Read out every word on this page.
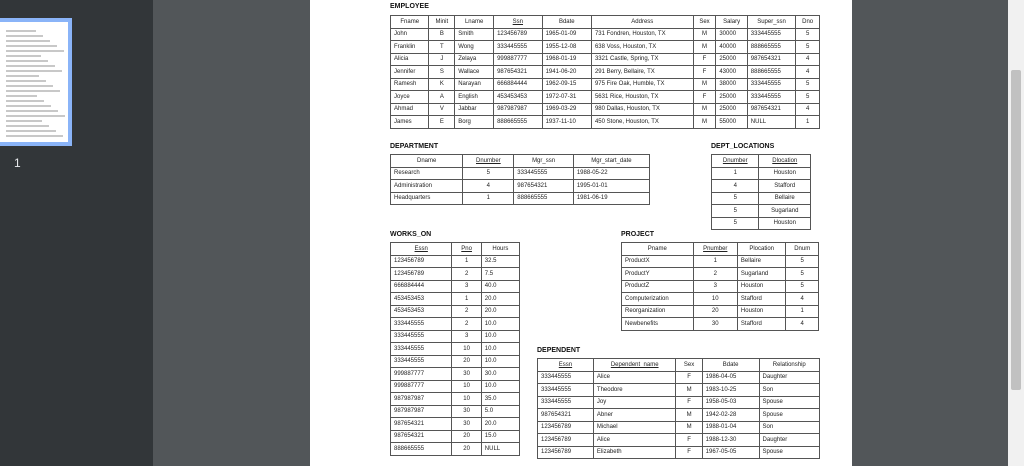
1
EMPLOYEE
Fname	Minit	Lname	Ssn	Bdate	Address	Sex	Salary	Super_ssn	Dno
John	B	Smith	123456789	1965-01-09	731 Fondren, Houston, TX	M	30000	333445555	5
Franklin	T	Wong	333445555	1955-12-08	638 Voss, Houston, TX	M	40000	888665555	5
Alicia	J	Zelaya	999887777	1968-01-19	3321 Castle, Spring, TX	F	25000	987654321	4
Jennifer	S	Wallace	987654321	1941-06-20	291 Berry, Bellaire, TX	F	43000	888665555	4
Ramesh	K	Narayan	666884444	1962-09-15	975 Fire Oak, Humble, TX	M	38000	333445555	5
Joyce	A	English	453453453	1972-07-31	5631 Rice, Houston, TX	F	25000	333445555	5
Ahmad	V	Jabbar	987987987	1969-03-29	980 Dallas, Houston, TX	M	25000	987654321	4
James	E	Borg	888665555	1937-11-10	450 Stone, Houston, TX	M	55000	NULL	1
DEPARTMENT
Dname	Dnumber	Mgr_ssn	Mgr_start_date
Research	5	333445555	1988-05-22
Administration	4	987654321	1995-01-01
Headquarters	1	888665555	1981-06-19
DEPT_LOCATIONS
Dnumber	Dlocation
1	Houston
4	Stafford
5	Bellaire
5	Sugarland
5	Houston
WORKS_ON
Essn	Pno	Hours
123456789	1	32.5
123456789	2	7.5
666884444	3	40.0
453453453	1	20.0
453453453	2	20.0
333445555	2	10.0
333445555	3	10.0
333445555	10	10.0
333445555	20	10.0
999887777	30	30.0
999887777	10	10.0
987987987	10	35.0
987987987	30	5.0
987654321	30	20.0
987654321	20	15.0
888665555	20	NULL
PROJECT
Pname	Pnumber	Plocation	Dnum
ProductX	1	Bellaire	5
ProductY	2	Sugarland	5
ProductZ	3	Houston	5
Computerization	10	Stafford	4
Reorganization	20	Houston	1
Newbenefits	30	Stafford	4
DEPENDENT
Essn	Dependent_name	Sex	Bdate	Relationship
333445555	Alice	F	1986-04-05	Daughter
333445555	Theodore	M	1983-10-25	Son
333445555	Joy	F	1958-05-03	Spouse
987654321	Abner	M	1942-02-28	Spouse
123456789	Michael	M	1988-01-04	Son
123456789	Alice	F	1988-12-30	Daughter
123456789	Elizabeth	F	1967-05-05	Spouse
